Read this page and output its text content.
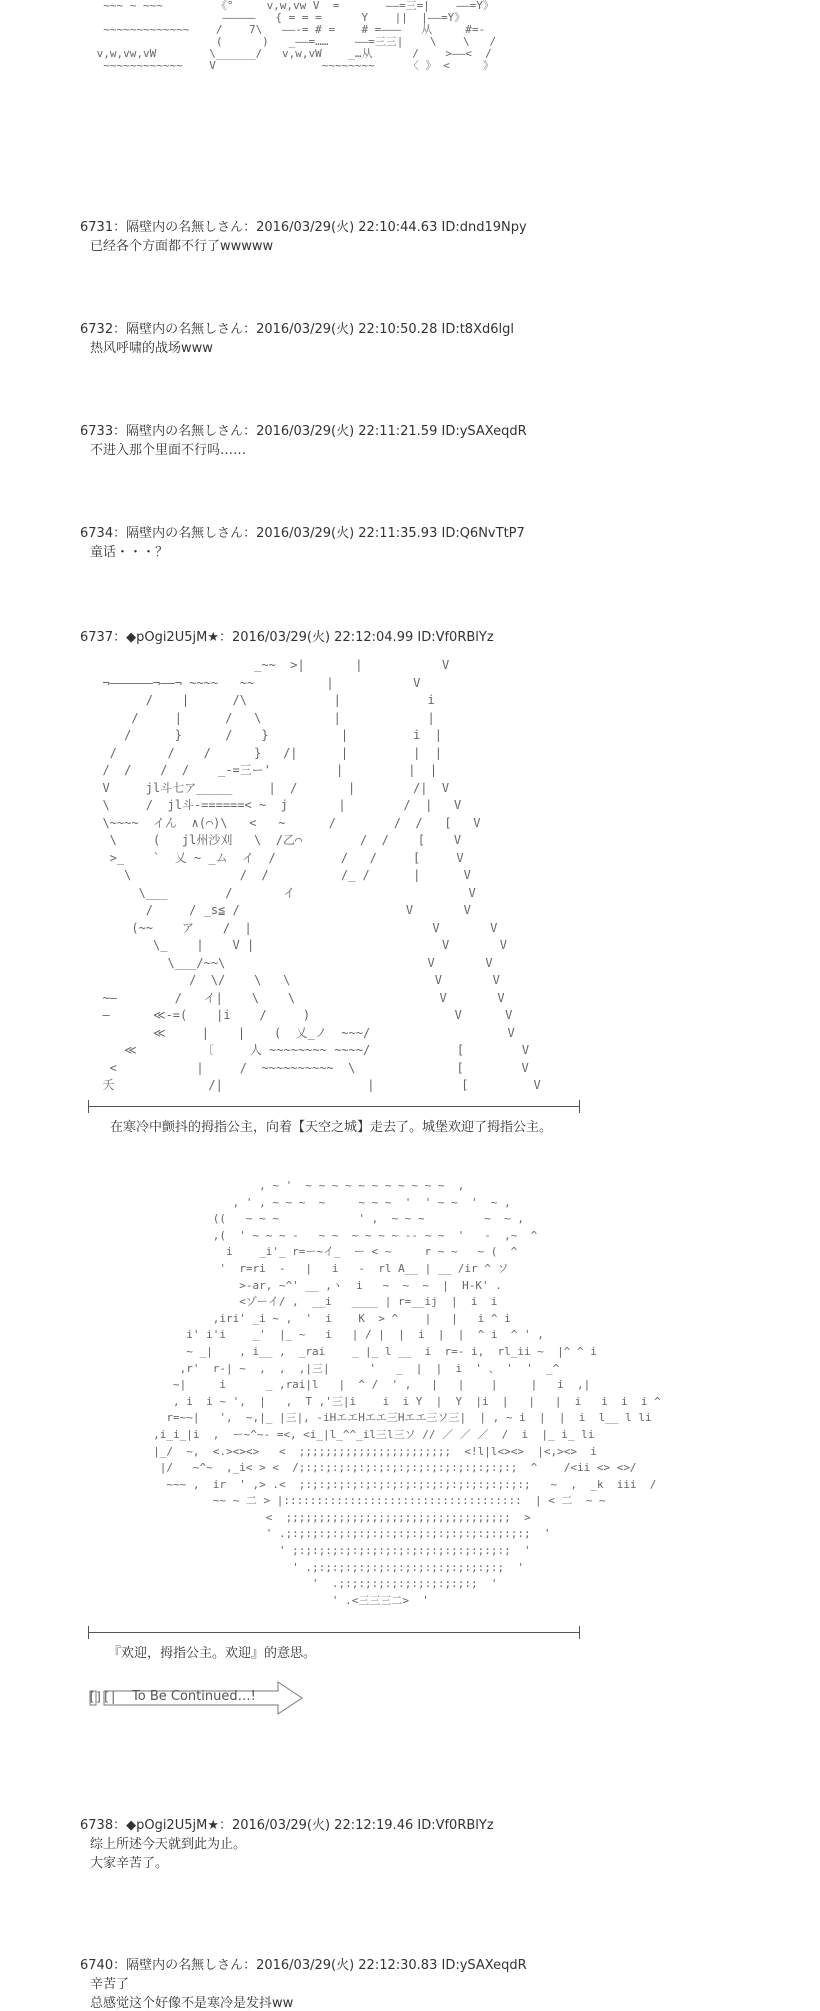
~~~ ~ ~~~        《°     v,w,vw V  =       ——=三=|    ——=Y》
—————   { = = =      Y    ||  |——=Y》
~~~~~~~~~~~~~    /    7\   ——-= # =    # =———   从     #=-
(      )   _——=……    ——=三三|    \    \   /
v,w,vw,vW        \______/   v,w,vW    _…从      /    >——<  /
~~~~~~~~~~~~    V                ~~~~~~~~     〈 》 <     》
6731：隔壁内の名無しさん：2016/03/29(火) 22:10:44.63 ID:dnd19Npy
已经各个方面都不行了wwwww
6732：隔壁内の名無しさん：2016/03/29(火) 22:10:50.28 ID:t8Xd6lgl
热风呼啸的战场www
6733：隔壁内の名無しさん：2016/03/29(火) 22:11:21.59 ID:ySAXeqdR
不进入那个里面不行吗……
6734：隔壁内の名無しさん：2016/03/29(火) 22:11:35.93 ID:Q6NvTtP7
童话・・・？
6737：◆pOgi2U5jM★：2016/03/29(火) 22:12:04.99 ID:Vf0RBlYz
_~~  >|       |           V
¬——————¬——¬ ~~~~   ~~          |           V
/    |      /\            |            i
/     |      /   \          |            |
/      }      /    }          |         i  |
/       /    /      }   /|      |         |  |
/  /    /  /    _-=三ー'         |         |  |
V     jl斗七ア_____     |  /       |        /|  V
\     /  jl斗-======< ~  j       |        /  |   V
\~~~~  イん  ∧(⌒)\   <   ~      /        /  /   [   V
\     (   jl州沙刈   \  /乙⌒        /  /    [    V
>_    `  乂 ~ _ム  イ  /         /   /     [     V
\               /  /          /_ /      |      V
\___        /       イ                        V
/     / _s≦ /                       V       V
(~~    ア    /  |                         V       V
\_    |    V |                          V       V
\___/~~\                            V       V
/  \/    \   \                    V       V
~—        /   イ|    \    \                    V       V
—      ≪-=(    |i    /     )                    V      V
≪     |    |    (  乂_ノ  ~~~/                   V
≪         〔     人 ~~~~~~~~ ~~~~/            [        V
<           |     /  ~~~~~~~~~~  \              [        V
夭             /|                    |            [         V
在寒冷中颤抖的拇指公主，向着【天空之城】走去了。城堡欢迎了拇指公主。
, ~ '  ~ ~ ~ ~ ~ ~ ~ ~ ~ ~ ~  ,
, ' , ~ ~ ~  ~     ~ ~ ~  '  ' ~ ~  '  ~ ,
((   ~ ~ ~            ' ,  ~ ~ ~         ~  ~ ,
,(  ' ~ ~ ~ -   ~ ~  ~ ~ ~ ~ -- ~ ~  '   -  ,~  ^
i    _i'_ r=ー~イ_  ー < ~     r ~ ~   ~ (  ^
'  r=ri  -   |   i   -  rl A__ | __ /ir ^ ソ
>-ar, ~^' __ ,ヽ  i   ~  ~  ~  |  H-K' .
<ゾーイ/ ,  __i   ____ | r=__ij  |  i  i
,iri' _i ~ ,  '  i    K  > ^    |   |   i ^ i
i' i'i    _'  |_ ~   i   | / |  |  i  |  |  ^ i  ^ ' ,
~ _|    , i__ ,  _rai    _ |_ l __  i  r=- i,  rl_ii ~  |^ ^ i
,r'  r-| ~  ,  ,  ,|三|      '   _  |  |  i  ' 、 '  '  _^
~|     i      _ ,rai|l   |  ^ /  ' ,   |   |    |     |   i  ,|
, i  i ~ ',  |   ,  T ,'三|i    i  i Y  |  Y  |i  |   |   |  i   i  i  i ^
r=~~|   ',  ~,|_ |三|, -iHエエHエエ三Hエエ三ソ三|  | , ~ i  |  |  i  l__ l li
,i_i_|i  ,  ー~^~- =<, <i_|l_^^_il三l三ソ // ／ ／ ／  /  i  |_ i_ li
|_/  ~,  <.><><>   <  ;;;;;;;;;;;;;;;;;;;;;;;  <!l|l<><>  |<,><>  i
|/   ~^~  ,_i< > <  /;:;:;:;:;:;:;:;:;:;:;:;:;:;:;:;:;  ^    /<ii <> <>/
~~~ ,  ir  ' ,> .<  ;:;:;:;:;:;:;:;:;:;:;:;:;:;:;:;:;:;   ~  ,  _k  iii  /
~~ ~ 二 > |::::::::::::::::::::::::::::::::::::  | < 二  ~ ~
<  ;;;;;;;;;;;;;;;;;;;;;;;;;;;;;;;;;;  >
' .;:;:;:;:;:;:;:;:;:;:;:;:;:;:;:;:;:;:;  '
' ;:;:;:;:;:;:;:;:;:;:;:;:;:;:;:;:;  '
' .;:;:;:;:;:;:;:;:;:;:;:;:;:;:;  '
'  .;:;:;:;:;:;:;:;:;:;:;  '
' .<三三三二>  '
『欢迎，拇指公主。欢迎』的意思。
[][| To Be Continued…!
6738：◆pOgi2U5jM★：2016/03/29(火) 22:12:19.46 ID:Vf0RBlYz
综上所述今天就到此为止。
大家辛苦了。
6740：隔壁内の名無しさん：2016/03/29(火) 22:12:30.83 ID:ySAXeqdR
辛苦了
总感觉这个好像不是寒冷是发抖ww
